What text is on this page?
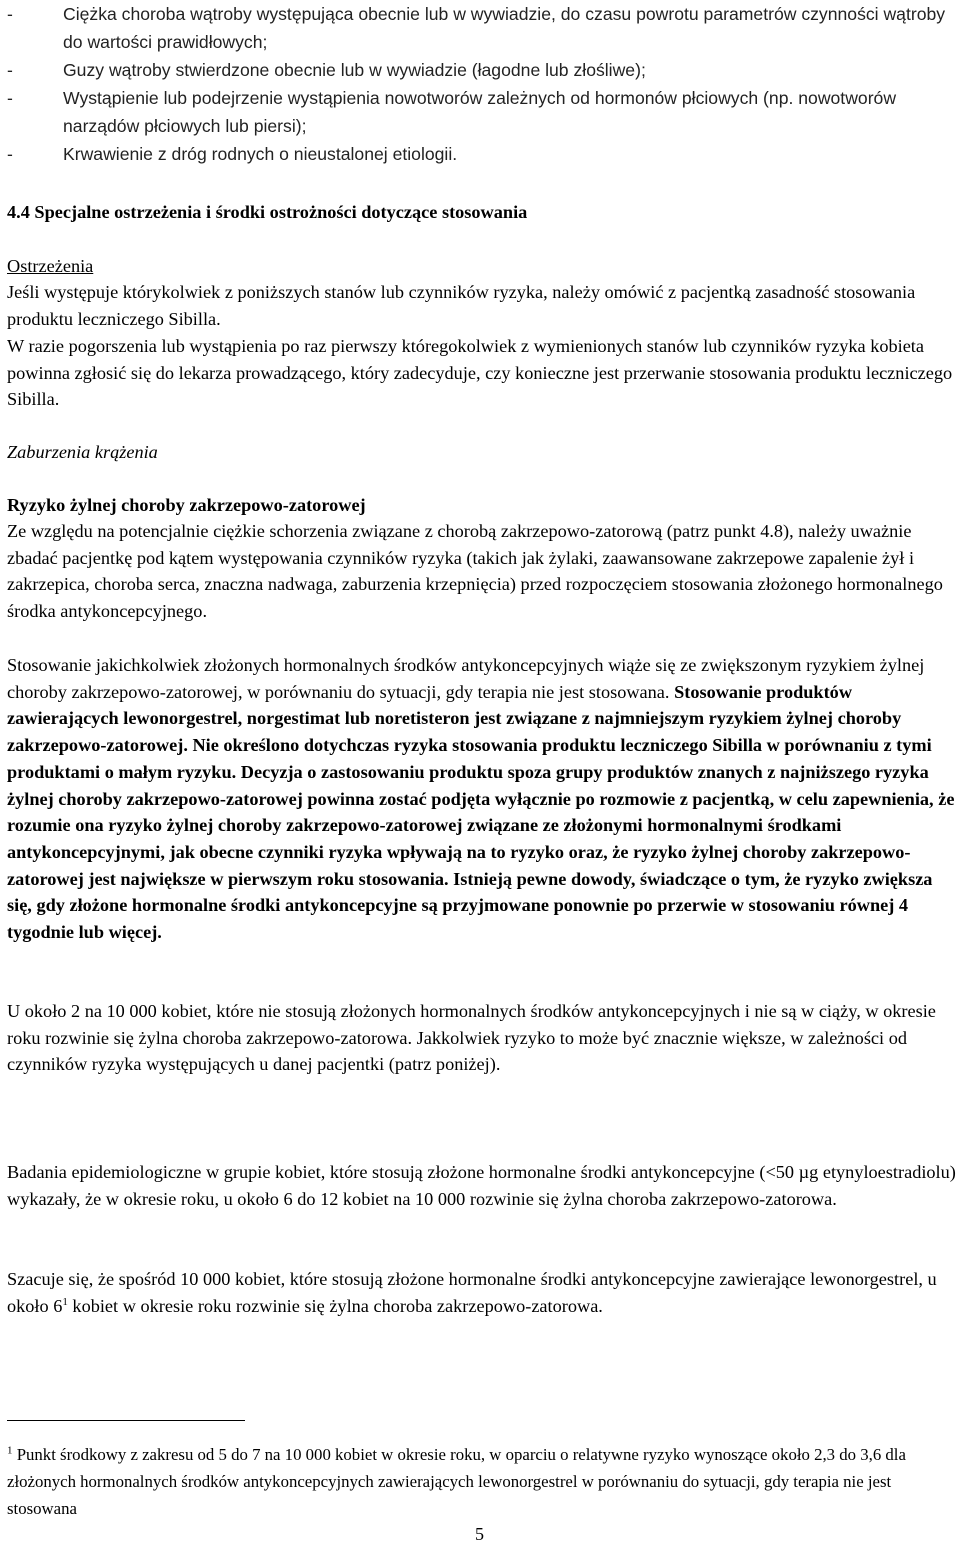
-	Ciężka choroba wątroby występująca obecnie lub w wywiadzie, do czasu powrotu parametrów czynności wątroby do wartości prawidłowych;
-	Guzy wątroby stwierdzone obecnie lub w wywiadzie (łagodne lub złośliwe);
-	Wystąpienie lub podejrzenie wystąpienia nowotworów zależnych od hormonów płciowych (np. nowotworów narządów płciowych lub piersi);
-	Krwawienie z dróg rodnych o nieustalonej etiologii.
4.4 Specjalne ostrzeżenia i środki ostrożności dotyczące stosowania
Ostrzeżenia

Jeśli występuje którykolwiek z poniższych stanów lub czynników ryzyka, należy omówić z pacjentką zasadność stosowania produktu leczniczego Sibilla.

W razie pogorszenia lub wystąpienia po raz pierwszy któregokolwiek z wymienionych stanów lub czynników ryzyka kobieta powinna zgłosić się do lekarza prowadzącego, który zadecyduje, czy konieczne jest przerwanie stosowania produktu leczniczego Sibilla.

Zaburzenia krążenia
Ryzyko żylnej choroby zakrzepowo-zatorowej

Ze względu na potencjalnie ciężkie schorzenia związane z chorobą zakrzepowo-zatorową (patrz punkt 4.8), należy uważnie zbadać pacjentkę pod kątem występowania czynników ryzyka (takich jak żylaki, zaawansowane zakrzepowe zapalenie żył i zakrzepica, choroba serca, znaczna nadwaga, zaburzenia krzepnięcia) przed rozpoczęciem stosowania złożonego hormonalnego środka antykoncepcyjnego.

Stosowanie jakichkolwiek złożonych hormonalnych środków antykoncepcyjnych wiąże się ze zwiększonym ryzykiem żylnej choroby zakrzepowo-zatorowej, w porównaniu do sytuacji, gdy terapia nie jest stosowana. Stosowanie produktów zawierających lewonorgestrel, norgestimat lub noretisteron jest związane z najmniejszym ryzykiem żylnej choroby zakrzepowo-zatorowej. Nie określono dotychczas ryzyka stosowania produktu leczniczego Sibilla w porównaniu z tymi produktami o małym ryzyku. Decyzja o zastosowaniu produktu spoza grupy produktów znanych z najniższego ryzyka żylnej choroby zakrzepowo-zatorowej powinna zostać podjęta wyłącznie po rozmowie z pacjentką, w celu zapewnienia, że rozumie ona ryzyko żylnej choroby zakrzepowo-zatorowej związane ze złożonymi hormonalnymi środkami antykoncepcyjnymi, jak obecne czynniki ryzyka wpływają na to ryzyko oraz, że ryzyko żylnej choroby zakrzepowo-zatorowej jest największe w pierwszym roku stosowania. Istnieją pewne dowody, świadczące o tym, że ryzyko zwiększa się, gdy złożone hormonalne środki antykoncepcyjne są przyjmowane ponownie po przerwie w stosowaniu równej 4 tygodnie lub więcej.

U około 2 na 10 000 kobiet, które nie stosują złożonych hormonalnych środków antykoncepcyjnych i nie są w ciąży, w okresie roku rozwinie się żylna choroba zakrzepowo-zatorowa. Jakkolwiek ryzyko to może być znacznie większe, w zależności od czynników ryzyka występujących u danej pacjentki (patrz poniżej).

Badania epidemiologiczne w grupie kobiet, które stosują złożone hormonalne środki antykoncepcyjne (<50 µg etynyloestradiolu) wykazały, że w okresie roku, u około 6 do 12 kobiet na 10 000 rozwinie się żylna choroba zakrzepowo-zatorowa.

Szacuje się, że spośród 10 000 kobiet, które stosują złożone hormonalne środki antykoncepcyjne zawierające lewonorgestrel, u około $6^1$ kobiet w okresie roku rozwinie się żylna choroba zakrzepowo-zatorowa.

$^1$ Punkt środkowy z zakresu od 5 do 7 na 10 000 kobiet w okresie roku, w oparciu o relatywne ryzyko wynoszące około 2,3 do 3,6 dla złożonych hormonalnych środków antykoncepcyjnych zawierających lewonorgestrel w porównaniu do sytuacji, gdy terapia nie jest stosowana

5
